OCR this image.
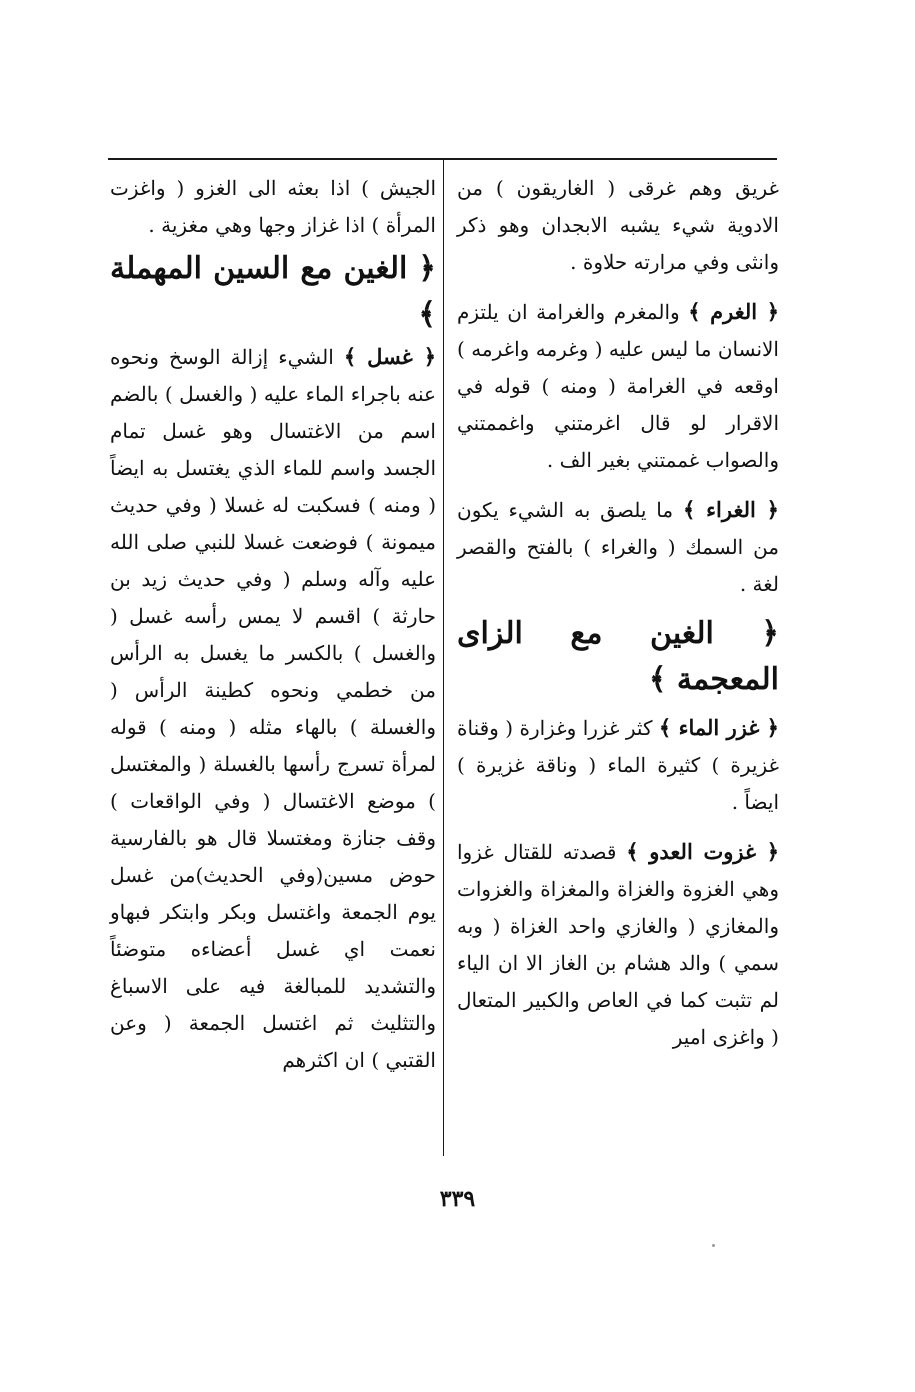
غريق وهم غرقى ( الغاريقون ) من الادوية شيء يشبه الابجدان وهو ذكر وانثى وفي مرارته حلاوة .

﴿ الغرم ﴾ والمغرم والغرامة ان يلتزم الانسان ما ليس عليه ( وغرمه واغرمه ) اوقعه في الغرامة ( ومنه ) قوله في الاقرار لو قال اغرمتني واغممتني والصواب غممتني بغير الف .

﴿ الغراء ﴾ ما يلصق به الشيء يكون من السمك ( والغراء ) بالفتح والقصر لغة .

﴿ الغين مع الزاى المعجمة ﴾

﴿ غزر الماء ﴾ كثر غزرا وغزارة ( وقناة غزيرة ) كثيرة الماء ( وناقة غزيرة ) ايضاً .

﴿ غزوت العدو ﴾ قصدته للقتال غزوا وهي الغزوة والغزاة والمغزاة والغزوات والمغازي ( والغازي واحد الغزاة ( وبه سمي ) والد هشام بن الغاز الا ان الياء لم تثبت كما في العاص والكبير المتعال ( واغزى امير

الجيش ) اذا بعثه الى الغزو ( واغزت المرأة ) اذا غزاز وجها وهي مغزية .

﴿ الغين مع السين المهملة ﴾

﴿ غسل ﴾ الشيء إزالة الوسخ ونحوه عنه باجراء الماء عليه ( والغسل ) بالضم اسم من الاغتسال وهو غسل تمام الجسد واسم للماء الذي يغتسل به ايضاً ( ومنه ) فسكبت له غسلا ( وفي حديث ميمونة ) فوضعت غسلا للنبي صلى الله عليه وآله وسلم ( وفي حديث زيد بن حارثة ) اقسم لا يمس رأسه غسل ( والغسل ) بالكسر ما يغسل به الرأس من خطمي ونحوه كطينة الرأس ( والغسلة ) بالهاء مثله ( ومنه ) قوله لمرأة تسرج رأسها بالغسلة ( والمغتسل ) موضع الاغتسال ( وفي الواقعات ) وقف جنازة ومغتسلا قال هو بالفارسية حوض مسين(وفي الحديث)من غسل يوم الجمعة واغتسل وبكر وابتكر فبهاو نعمت اي غسل أعضاءه متوضئاً والتشديد للمبالغة فيه على الاسباغ والتثليث ثم اغتسل الجمعة ( وعن القتبي ) ان اكثرهم

٣٣٩
